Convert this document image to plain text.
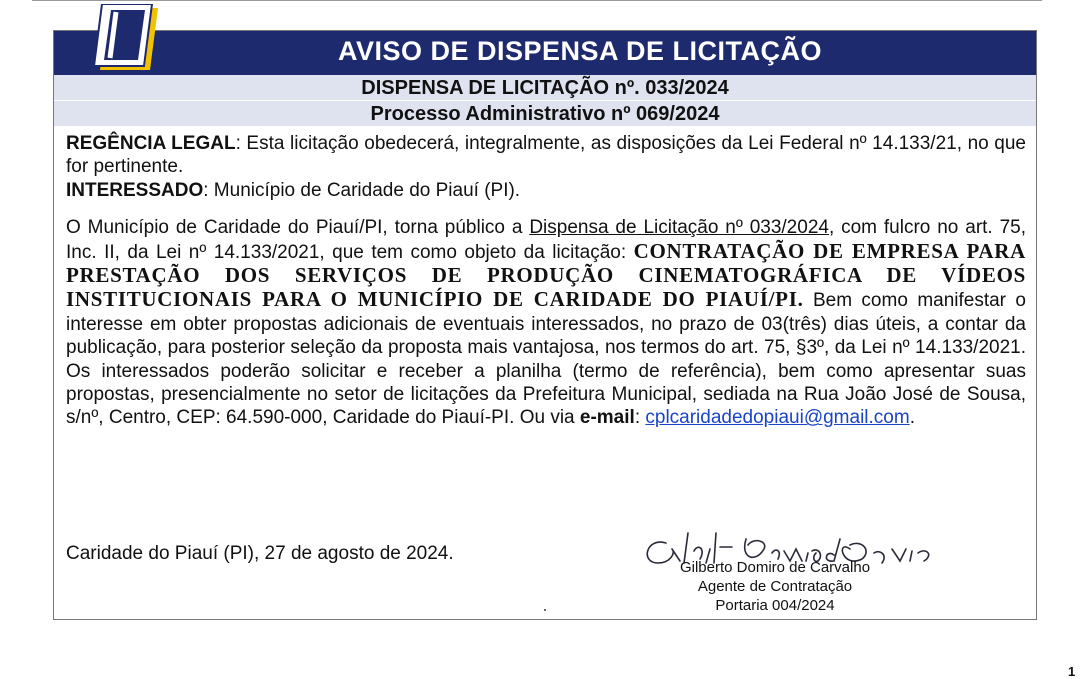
AVISO DE DISPENSA DE LICITAÇÃO
DISPENSA DE LICITAÇÃO nº. 033/2024
Processo Administrativo nº 069/2024

REGÊNCIA LEGAL: Esta licitação obedecerá, integralmente, as disposições da Lei Federal nº 14.133/21, no que for pertinente.

INTERESSADO: Município de Caridade do Piauí (PI).

O Município de Caridade do Piauí/PI, torna público a Dispensa de Licitação nº 033/2024, com fulcro no art. 75, Inc. II, da Lei nº 14.133/2021, que tem como objeto da licitação: CONTRATAÇÃO DE EMPRESA PARA PRESTAÇÃO DOS SERVIÇOS DE PRODUÇÃO CINEMATOGRÁFICA DE VÍDEOS INSTITUCIONAIS PARA O MUNICÍPIO DE CARIDADE DO PIAUÍ/PI. Bem como manifestar o interesse em obter propostas adicionais de eventuais interessados, no prazo de 03(três) dias úteis, a contar da publicação, para posterior seleção da proposta mais vantajosa, nos termos do art. 75, §3º, da Lei nº 14.133/2021. Os interessados poderão solicitar e receber a planilha (termo de referência), bem como apresentar suas propostas, presencialmente no setor de licitações da Prefeitura Municipal, sediada na Rua João José de Sousa, s/nº, Centro, CEP: 64.590-000, Caridade do Piauí-PI. Ou via e-mail: cplcaridadedopiaui@gmail.com.

Caridade do Piauí (PI), 27 de agosto de 2024.
Gilberto Domiro de Carvalho
Agente de Contratação
Portaria 004/2024
1
